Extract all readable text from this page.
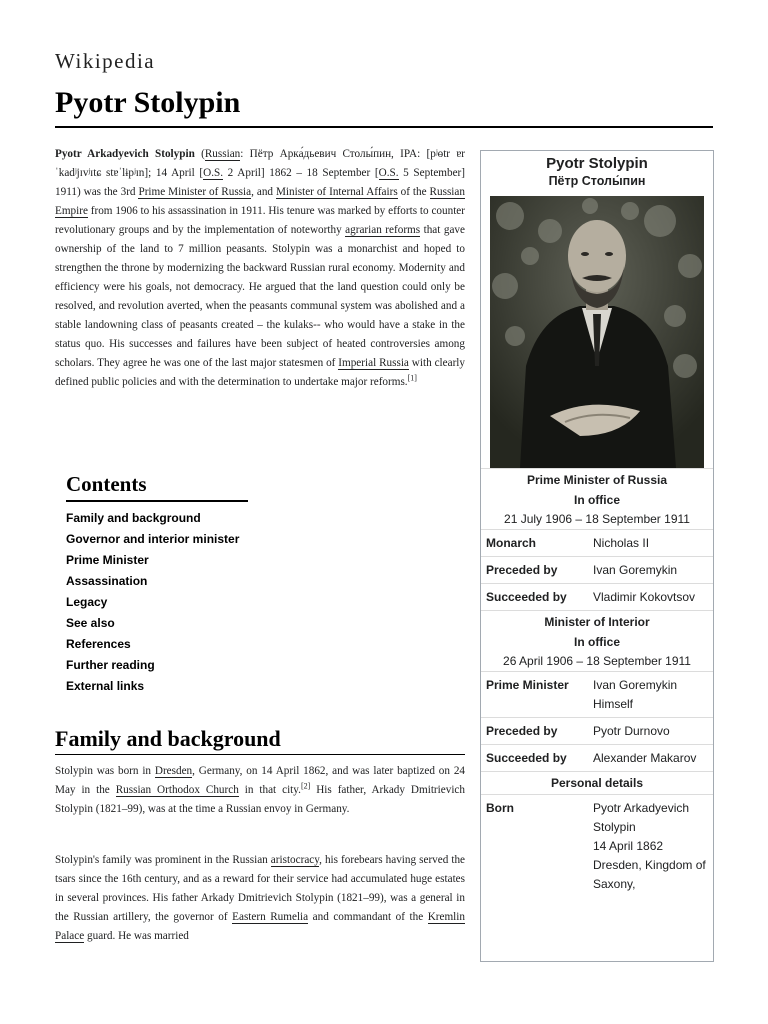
Wikipedia
Pyotr Stolypin

Pyotr Arkadyevich Stolypin (Russian: Пётр Арка́дьевич Столы́пин, IPA: [pʲɵtr ɐrˈkadʲjɪvʲɪtɕ stɐˈlɨpʲɪn]; 14 April [O.S. 2 April] 1862 – 18 September [O.S. 5 September] 1911) was the 3rd Prime Minister of Russia, and Minister of Internal Affairs of the Russian Empire from 1906 to his assassination in 1911. His tenure was marked by efforts to counter revolutionary groups and by the implementation of noteworthy agrarian reforms that gave ownership of the land to 7 million peasants. Stolypin was a monarchist and hoped to strengthen the throne by modernizing the backward Russian rural economy. Modernity and efficiency were his goals, not democracy. He argued that the land question could only be resolved, and revolution averted, when the peasants communal system was abolished and a stable landowning class of peasants created – the kulaks-- who would have a stake in the status quo. His successes and failures have been subject of heated controversies among scholars. They agree he was one of the last major statesmen of Imperial Russia with clearly defined public policies and with the determination to undertake major reforms.[1]

Contents
Family and background
Governor and interior minister
Prime Minister
Assassination
Legacy
See also
References
Further reading
External links
Family and background

Stolypin was born in Dresden, Germany, on 14 April 1862, and was later baptized on 24 May in the Russian Orthodox Church in that city.[2] His father, Arkady Dmitrievich Stolypin (1821–99), was at the time a Russian envoy in Germany.

Stolypin's family was prominent in the Russian aristocracy, his forebears having served the tsars since the 16th century, and as a reward for their service had accumulated huge estates in several provinces. His father Arkady Dmitrievich Stolypin (1821–99), was a general in the Russian artillery, the governor of Eastern Rumelia and commandant of the Kremlin Palace guard. He was married

Pyotr Stolypin
Пётр Столы́пин
Prime Minister of Russia
In office
21 July 1906 – 18 September 1911
Monarch	Nicholas II
Preceded by	Ivan Goremykin
Succeeded by	Vladimir Kokovtsov
Minister of Interior
In office
26 April 1906 – 18 September 1911
Prime Minister	Ivan Goremykin
Himself
Preceded by	Pyotr Durnovo
Succeeded by	Alexander Makarov
Personal details
Born	Pyotr Arkadyevich Stolypin
14 April 1862
Dresden, Kingdom of Saxony,
